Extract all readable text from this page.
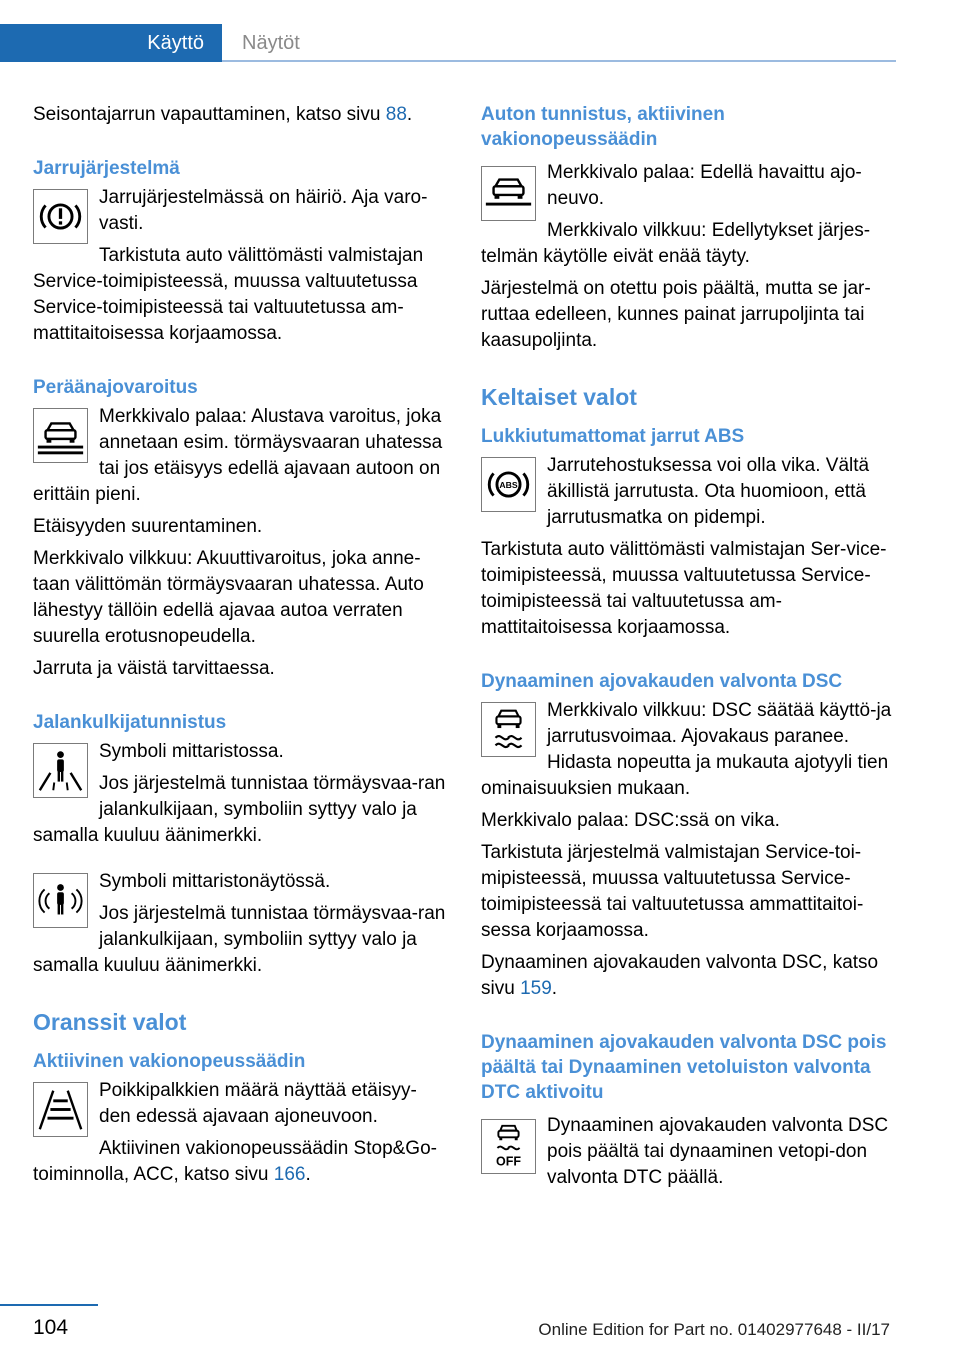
Käyttö	Näytöt

Seisontajarrun vapauttaminen, katso sivu 88.

Jarrujärjestelmä

Jarrujärjestelmässä on häiriö. Aja varo-vasti.

Tarkistuta auto välittömästi valmistajan Service-toimipisteessä, muussa valtuutetussa Service-toimipisteessä tai valtuutetussa am-mattitaitoisessa korjaamossa.

Peräänajovaroitus

Merkkivalo palaa: Alustava varoitus, joka annetaan esim. törmäysvaaran uhatessa tai jos etäisyys edellä ajavaan autoon on erittäin pieni.

Etäisyyden suurentaminen.

Merkkivalo vilkkuu: Akuuttivaroitus, joka anne-taan välittömän törmäysvaaran uhatessa. Auto lähestyy tällöin edellä ajavaa autoa verraten suurella erotusnopeudella.

Jarruta ja väistä tarvittaessa.

Jalankulkijatunnistus

Symboli mittaristossa.

Jos järjestelmä tunnistaa törmäysvaa-ran jalankulkijaan, symboliin syttyy valo ja samalla kuuluu äänimerkki.

Symboli mittaristonäytössä.

Jos järjestelmä tunnistaa törmäysvaa-ran jalankulkijaan, symboliin syttyy valo ja samalla kuuluu äänimerkki.

Oranssit valot
Aktiivinen vakionopeussäädin

Poikkipalkkien määrä näyttää etäisyy-den edessä ajavaan ajoneuvoon.

Aktiivinen vakionopeussäädin Stop&Go-toiminnolla, ACC, katso sivu 166.

Auton tunnistus, aktiivinen vakionopeussäädin

Merkkivalo palaa: Edellä havaittu ajo-neuvo.

Merkkivalo vilkkuu: Edellytykset järjes-telmän käytölle eivät enää täyty.

Järjestelmä on otettu pois päältä, mutta se jar-ruttaa edelleen, kunnes painat jarrupoljinta tai kaasupoljinta.

Keltaiset valot
Lukkiutumattomat jarrut ABS
ABS

Jarrutehostuksessa voi olla vika. Vältä äkillistä jarrutusta. Ota huomioon, että jarrutusmatka on pidempi.

Tarkistuta auto välittömästi valmistajan Ser-vice-toimipisteessä, muussa valtuutetussa Service-toimipisteessä tai valtuutetussa am-mattitaitoisessa korjaamossa.

Dynaaminen ajovakauden valvonta DSC

Merkkivalo vilkkuu: DSC säätää käyttö-ja jarrutusvoimaa. Ajovakaus paranee. Hidasta nopeutta ja mukauta ajotyyli tien ominaisuuksien mukaan.

Merkkivalo palaa: DSC:ssä on vika.

Tarkistuta järjestelmä valmistajan Service-toi-mipisteessä, muussa valtuutetussa Service-toimipisteessä tai valtuutetussa ammattitaitoi-sessa korjaamossa.

Dynaaminen ajovakauden valvonta DSC, katso sivu 159.

Dynaaminen ajovakauden valvonta DSC pois päältä tai Dynaaminen vetoluiston valvonta DTC aktivoitu
OFF

Dynaaminen ajovakauden valvonta DSC pois päältä tai dynaaminen vetopi-don valvonta DTC päällä.

104	Online Edition for Part no. 01402977648 - II/17
